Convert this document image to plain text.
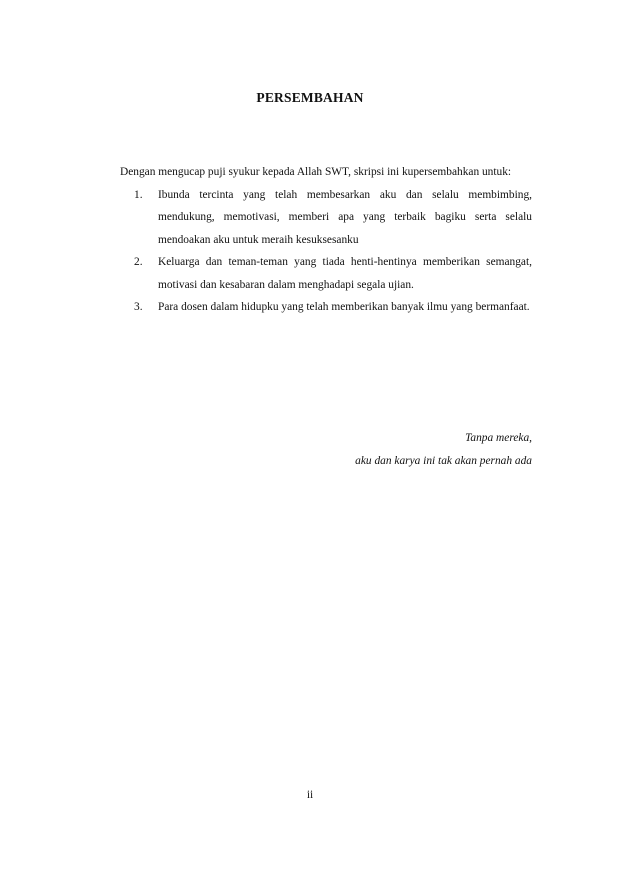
PERSEMBAHAN

Dengan mengucap puji syukur kepada Allah SWT, skripsi ini kupersembahkan untuk:

1. Ibunda tercinta yang telah membesarkan aku dan selalu membimbing, mendukung, memotivasi, memberi apa yang terbaik bagiku serta selalu mendoakan aku untuk meraih kesuksesanku
2. Keluarga dan teman-teman yang tiada henti-hentinya memberikan semangat, motivasi dan kesabaran dalam menghadapi segala ujian.
3. Para dosen dalam hidupku yang telah memberikan banyak ilmu yang bermanfaat.
Tanpa mereka,
aku dan karya ini tak akan pernah ada
ii
